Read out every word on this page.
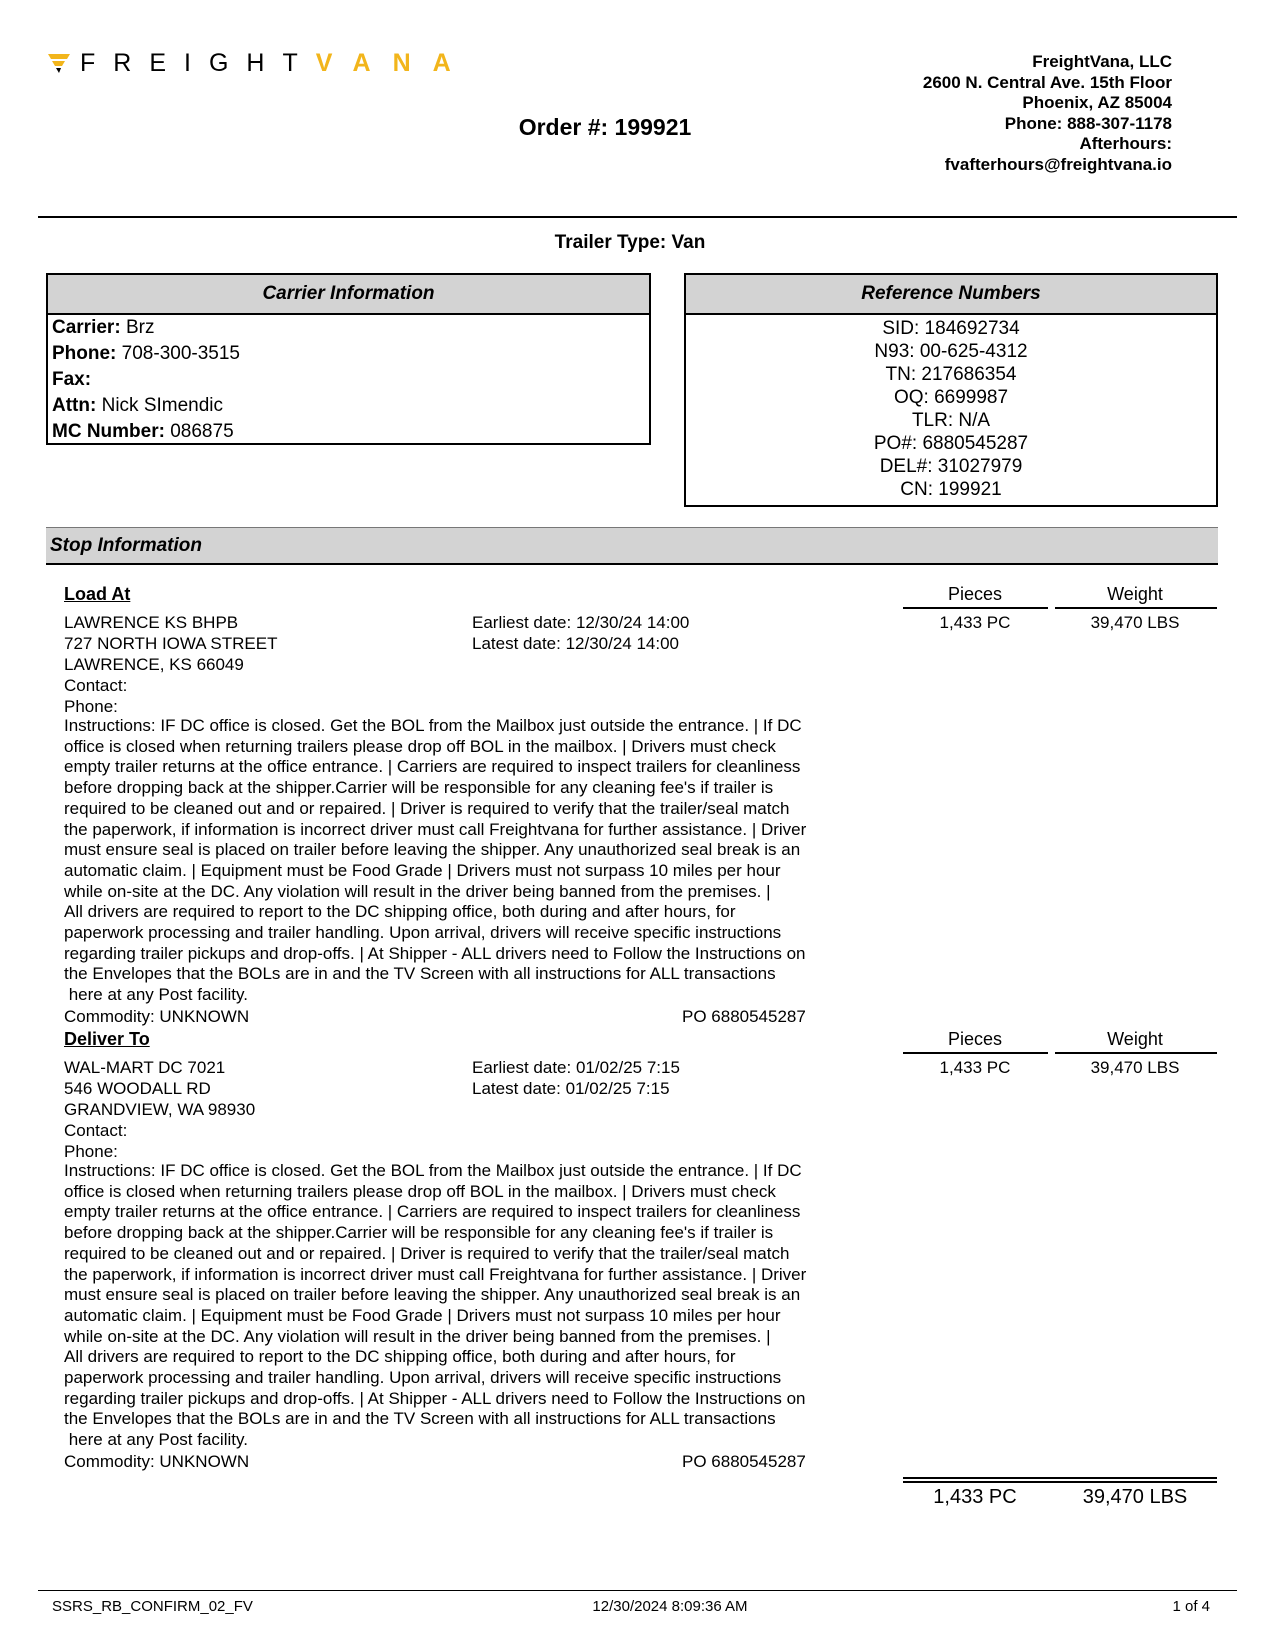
FREIGHTVANA	FreightVana, LLC
2600 N. Central Ave. 15th Floor
Phoenix, AZ 85004
Phone: 888-307-1178
Afterhours:
fvafterhours@freightvana.io
Order #: 199921
Trailer Type: Van
Carrier Information
Carrier: Brz
Phone: 708-300-3515
Fax:
Attn: Nick SImendic
MC Number: 086875
Reference Numbers
SID: 184692734
N93: 00-625-4312
TN: 217686354
OQ: 6699987
TLR: N/A
PO#: 6880545287
DEL#: 31027979
CN: 199921
Stop Information
Load At	Pieces	Weight
LAWRENCE KS BHPB
727 NORTH IOWA STREET
LAWRENCE, KS 66049
Contact:
Phone:
Earliest date: 12/30/24 14:00
Latest date: 12/30/24 14:00
1,433 PC	39,470 LBS
Instructions: IF DC office is closed. Get the BOL from the Mailbox just outside the entrance. | If DC
office is closed when returning trailers please drop off BOL in the mailbox. | Drivers must check
empty trailer returns at the office entrance. | Carriers are required to inspect trailers for cleanliness
before dropping back at the shipper.Carrier will be responsible for any cleaning fee's if trailer is
required to be cleaned out and or repaired. | Driver is required to verify that the trailer/seal match
the paperwork, if information is incorrect driver must call Freightvana for further assistance. | Driver
must ensure seal is placed on trailer before leaving the shipper. Any unauthorized seal break is an
automatic claim. | Equipment must be Food Grade | Drivers must not surpass 10 miles per hour
while on-site at the DC. Any violation will result in the driver being banned from the premises. |
All drivers are required to report to the DC shipping office, both during and after hours, for
paperwork processing and trailer handling. Upon arrival, drivers will receive specific instructions
regarding trailer pickups and drop-offs. | At Shipper - ALL drivers need to Follow the Instructions on
the Envelopes that the BOLs are in and the TV Screen with all instructions for ALL transactions
here at any Post facility.
Commodity: UNKNOWN	PO 6880545287
Deliver To	Pieces	Weight
WAL-MART DC 7021
546 WOODALL RD
GRANDVIEW, WA 98930
Contact:
Phone:
Earliest date: 01/02/25 7:15
Latest date: 01/02/25 7:15
1,433 PC	39,470 LBS
Instructions: IF DC office is closed. Get the BOL from the Mailbox just outside the entrance. | If DC
office is closed when returning trailers please drop off BOL in the mailbox. | Drivers must check
empty trailer returns at the office entrance. | Carriers are required to inspect trailers for cleanliness
before dropping back at the shipper.Carrier will be responsible for any cleaning fee's if trailer is
required to be cleaned out and or repaired. | Driver is required to verify that the trailer/seal match
the paperwork, if information is incorrect driver must call Freightvana for further assistance. | Driver
must ensure seal is placed on trailer before leaving the shipper. Any unauthorized seal break is an
automatic claim. | Equipment must be Food Grade | Drivers must not surpass 10 miles per hour
while on-site at the DC. Any violation will result in the driver being banned from the premises. |
All drivers are required to report to the DC shipping office, both during and after hours, for
paperwork processing and trailer handling. Upon arrival, drivers will receive specific instructions
regarding trailer pickups and drop-offs. | At Shipper - ALL drivers need to Follow the Instructions on
the Envelopes that the BOLs are in and the TV Screen with all instructions for ALL transactions
here at any Post facility.
Commodity: UNKNOWN	PO 6880545287
1,433 PC	39,470 LBS
SSRS_RB_CONFIRM_02_FV	12/30/2024 8:09:36 AM	1 of 4
